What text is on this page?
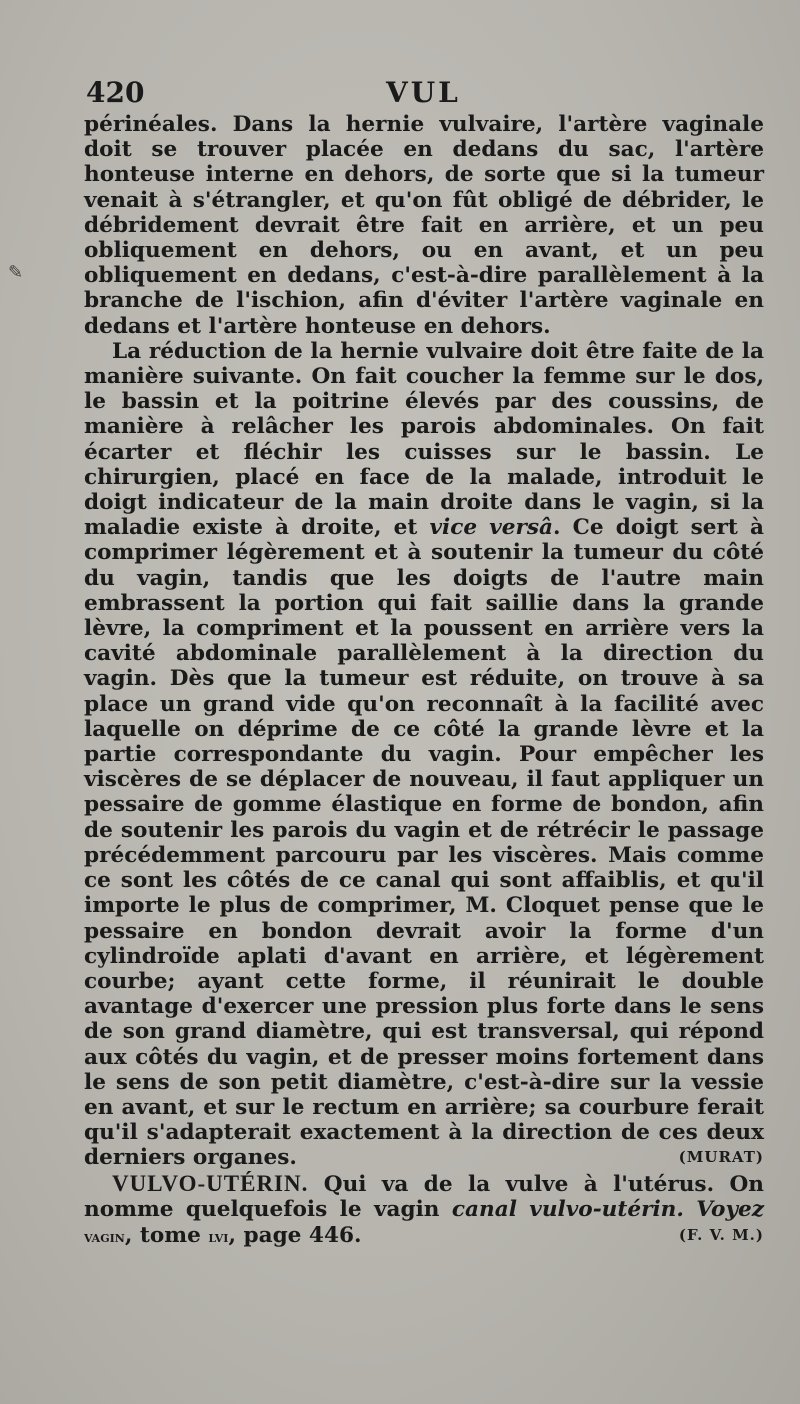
✎
420	VUL

périnéales. Dans la hernie vulvaire, l'artère vaginale doit se trouver placée en dedans du sac, l'artère honteuse interne en dehors, de sorte que si la tumeur venait à s'étrangler, et qu'on fût obligé de débrider, le débridement devrait être fait en arrière, et un peu obliquement en dehors, ou en avant, et un peu obliquement en dedans, c'est-à-dire parallèlement à la branche de l'ischion, afin d'éviter l'artère vaginale en dedans et l'artère honteuse en dehors.

La réduction de la hernie vulvaire doit être faite de la manière suivante. On fait coucher la femme sur le dos, le bassin et la poitrine élevés par des coussins, de manière à relâcher les parois abdominales. On fait écarter et fléchir les cuisses sur le bassin. Le chirurgien, placé en face de la malade, introduit le doigt indicateur de la main droite dans le vagin, si la maladie existe à droite, et vice versâ. Ce doigt sert à comprimer légèrement et à soutenir la tumeur du côté du vagin, tandis que les doigts de l'autre main embrassent la portion qui fait saillie dans la grande lèvre, la compriment et la poussent en arrière vers la cavité abdominale parallèlement à la direction du vagin. Dès que la tumeur est réduite, on trouve à sa place un grand vide qu'on reconnaît à la facilité avec laquelle on déprime de ce côté la grande lèvre et la partie correspondante du vagin. Pour empêcher les viscères de se déplacer de nouveau, il faut appliquer un pessaire de gomme élastique en forme de bondon, afin de soutenir les parois du vagin et de rétrécir le passage précédemment parcouru par les viscères. Mais comme ce sont les côtés de ce canal qui sont affaiblis, et qu'il importe le plus de comprimer, M. Cloquet pense que le pessaire en bondon devrait avoir la forme d'un cylindroïde aplati d'avant en arrière, et légèrement courbe; ayant cette forme, il réunirait le double avantage d'exercer une pression plus forte dans le sens de son grand diamètre, qui est transversal, qui répond aux côtés du vagin, et de presser moins fortement dans le sens de son petit diamètre, c'est-à-dire sur la vessie en avant, et sur le rectum en arrière; sa courbure ferait qu'il s'adapterait exactement à la direction de ces deux derniers organes.	(MURAT)

VULVO-UTÉRIN. Qui va de la vulve à l'utérus. On nomme quelquefois le vagin canal vulvo-utérin. Voyez vagin, tome lvi, page 446.	(F. V. M.)
